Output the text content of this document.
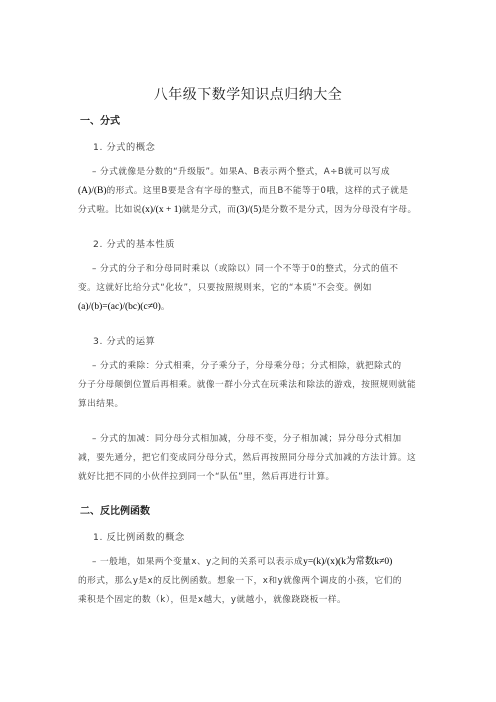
八年级下数学知识点归纳大全
一、分式
1. 分式的概念
– 分式就像是分数的“升级版”。如果A、B表示两个整式，A÷B就可以写成
(A)/(B)的形式。这里B要是含有字母的整式，而且B不能等于0哦，这样的式子就是
分式啦。比如说(x)/(x + 1)就是分式，而(3)/(5)是分数不是分式，因为分母没有字母。
2. 分式的基本性质
– 分式的分子和分母同时乘以（或除以）同一个不等于0的整式，分式的值不
变。这就好比给分式“化妆”，只要按照规则来，它的“本质”不会变。例如
(a)/(b)=(ac)/(bc)(c≠0)。
3. 分式的运算
– 分式的乘除：分式相乘，分子乘分子，分母乘分母；分式相除，就把除式的
分子分母颠倒位置后再相乘。就像一群小分式在玩乘法和除法的游戏，按照规则就能
算出结果。
– 分式的加减：同分母分式相加减，分母不变，分子相加减；异分母分式相加
减，要先通分，把它们变成同分母分式，然后再按照同分母分式加减的方法计算。这
就好比把不同的小伙伴拉到同一个“队伍”里，然后再进行计算。
二、反比例函数
1. 反比例函数的概念
– 一般地，如果两个变量x、y之间的关系可以表示成y=(k)/(x)(k为常数k≠0)
的形式，那么y是x的反比例函数。想象一下，x和y就像两个调皮的小孩，它们的
乘积是个固定的数（k），但是x越大，y就越小，就像跷跷板一样。
